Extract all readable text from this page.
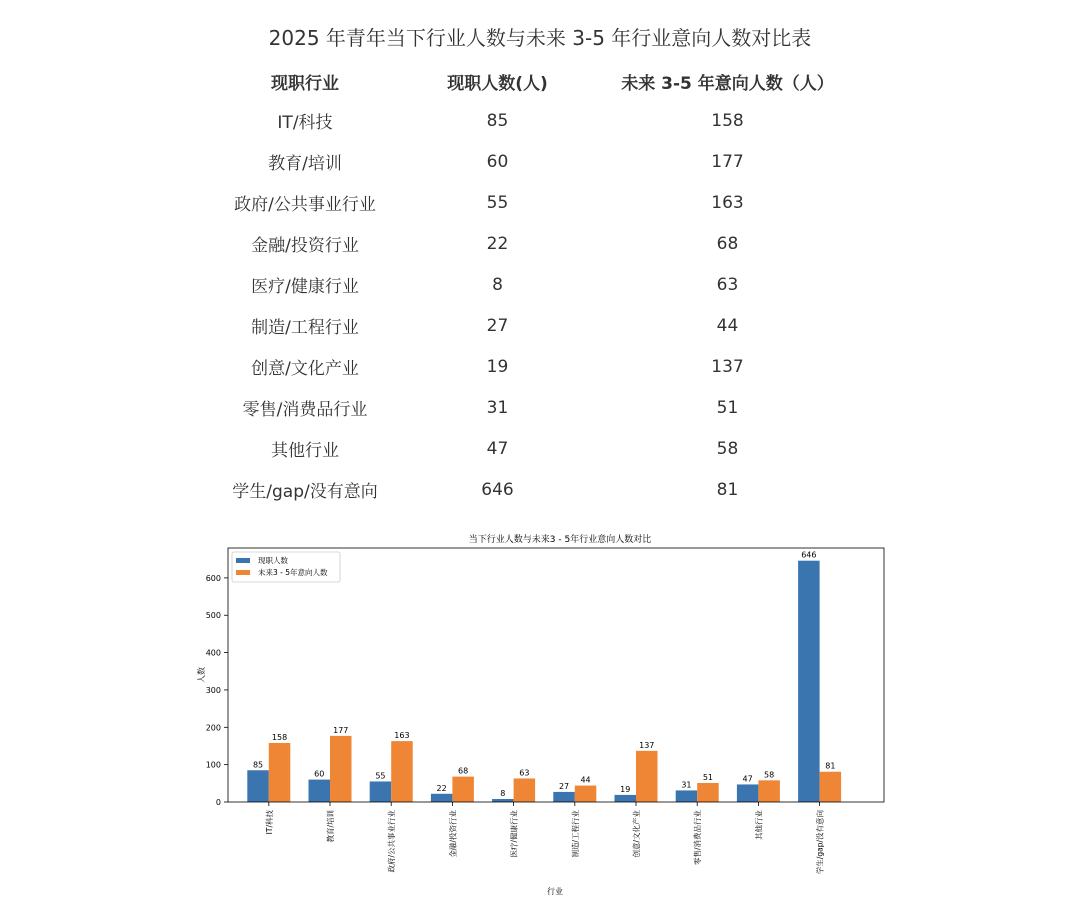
2025 年青年当下行业人数与未来 3-5 年行业意向人数对比表
现职行业	现职人数(人)	未来 3-5 年意向人数（人）
IT/科技	85	158
教育/培训	60	177
政府/公共事业行业	55	163
金融/投资行业	22	68
医疗/健康行业	8	63
制造/工程行业	27	44
创意/文化产业	19	137
零售/消费品行业	31	51
其他行业	47	58
学生/gap/没有意向	646	81
当下行业人数与未来3 - 5年行业意向人数对比
人数
行业
0
100
200
300
400
500
600
85
158
IT/科技
60
177
教育/培训
55
163
政府/公共事业行业
22
68
金融/投资行业
8
63
医疗/健康行业
27
44
制造/工程行业
19
137
创意/文化产业
31
51
零售/消费品行业
47 58
其他行业
646
81
学生/gap/没有意向
现职人数
未来3 - 5年意向人数
